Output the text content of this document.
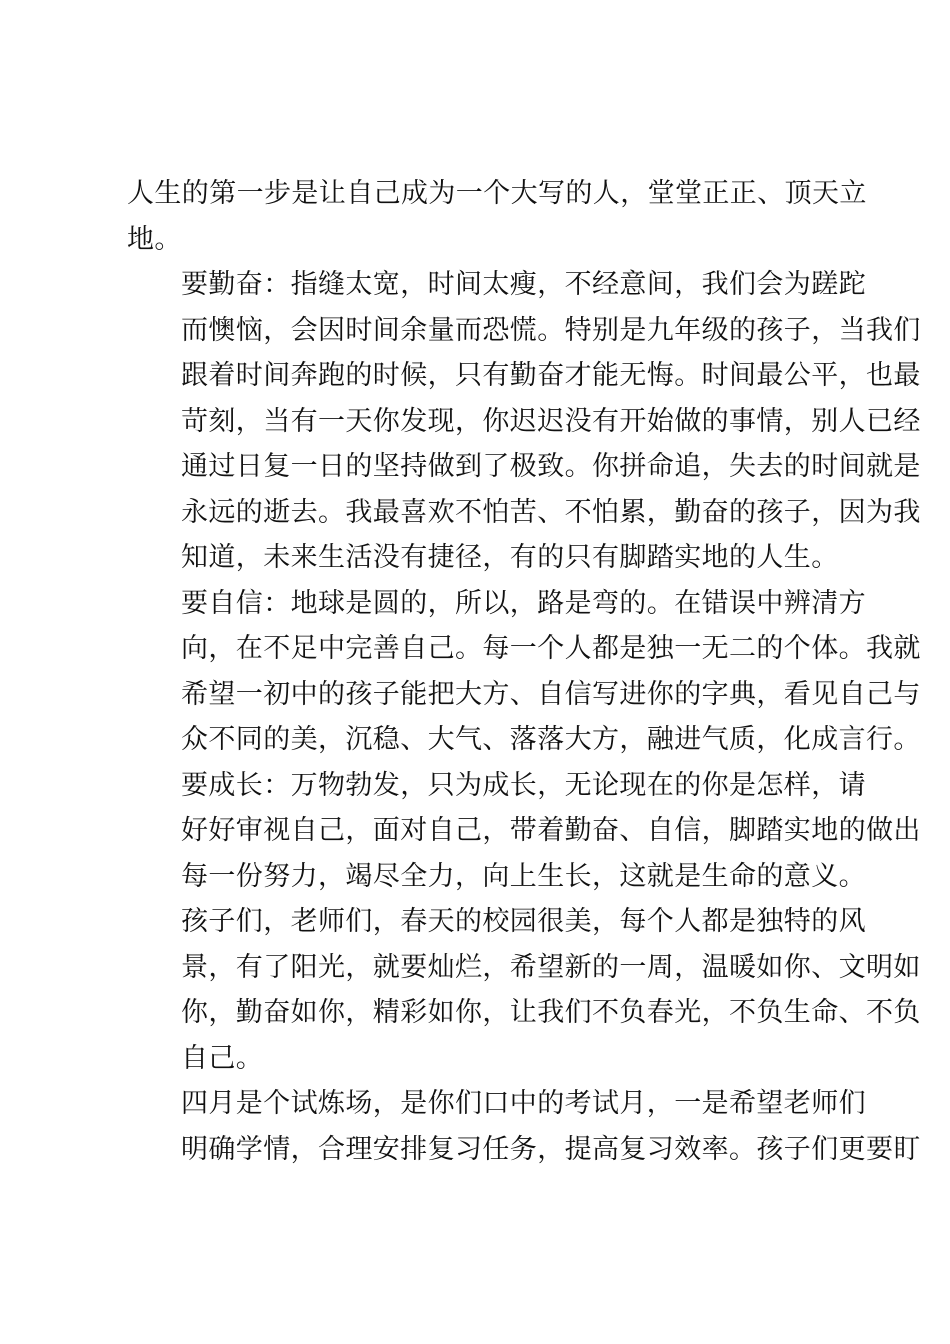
人生的第一步是让自己成为一个大写的人，堂堂正正、顶天立
地。

要勤奋：指缝太宽，时间太瘦，不经意间，我们会为蹉跎
而懊恼，会因时间余量而恐慌。特别是九年级的孩子，当我们
跟着时间奔跑的时候，只有勤奋才能无悔。时间最公平，也最
苛刻，当有一天你发现，你迟迟没有开始做的事情，别人已经
通过日复一日的坚持做到了极致。你拼命追，失去的时间就是
永远的逝去。我最喜欢不怕苦、不怕累，勤奋的孩子，因为我
知道，未来生活没有捷径，有的只有脚踏实地的人生。

要自信：地球是圆的，所以，路是弯的。在错误中辨清方
向，在不足中完善自己。每一个人都是独一无二的个体。我就
希望一初中的孩子能把大方、自信写进你的字典，看见自己与
众不同的美，沉稳、大气、落落大方，融进气质，化成言行。

要成长：万物勃发，只为成长，无论现在的你是怎样，请
好好审视自己，面对自己，带着勤奋、自信，脚踏实地的做出
每一份努力，竭尽全力，向上生长，这就是生命的意义。

孩子们，老师们，春天的校园很美，每个人都是独特的风
景，有了阳光，就要灿烂，希望新的一周，温暖如你、文明如
你，勤奋如你，精彩如你，让我们不负春光，不负生命、不负
自己。

四月是个试炼场，是你们口中的考试月，一是希望老师们
明确学情，合理安排复习任务，提高复习效率。孩子们更要盯
